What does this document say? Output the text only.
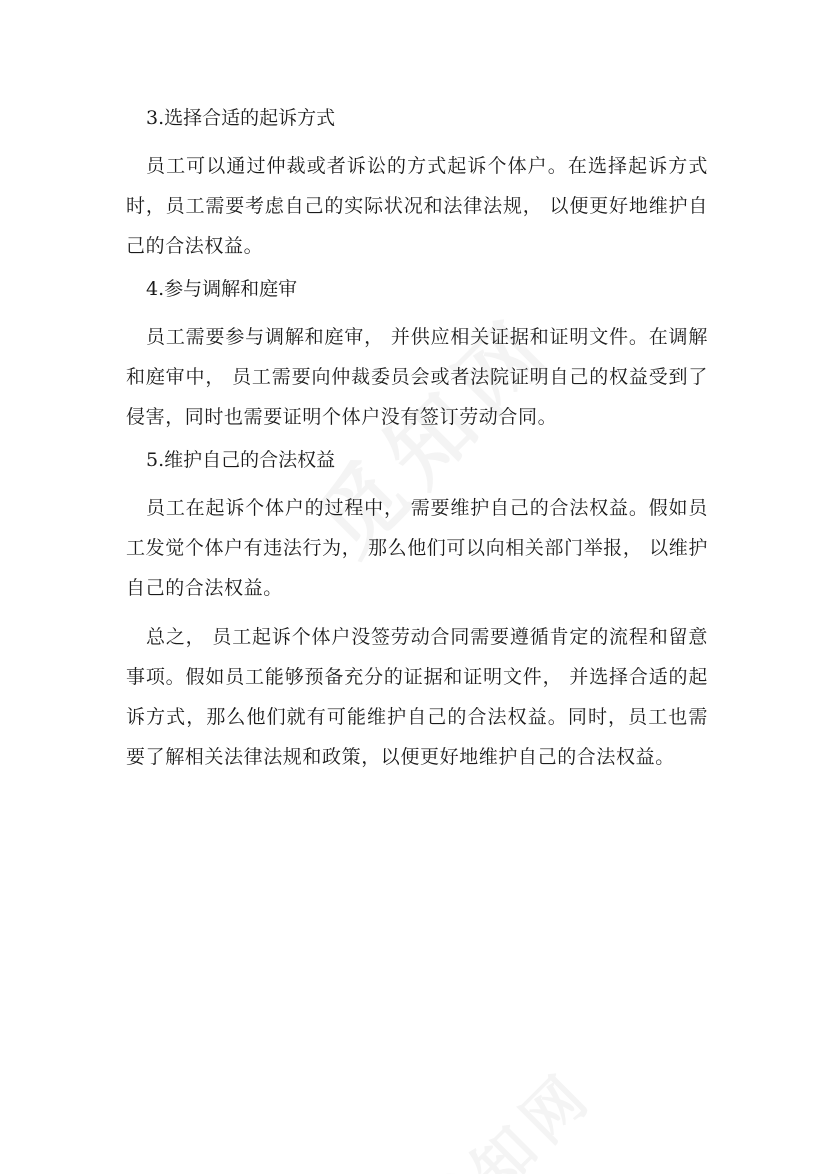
3.选择合适的起诉方式

员工可以通过仲裁或者诉讼的方式起诉个体户。在选择起诉方式时，员工需要考虑自己的实际状况和法律法规， 以便更好地维护自己的合法权益。

4.参与调解和庭审

员工需要参与调解和庭审， 并供应相关证据和证明文件。在调解和庭审中， 员工需要向仲裁委员会或者法院证明自己的权益受到了侵害，同时也需要证明个体户没有签订劳动合同。

5.维护自己的合法权益

员工在起诉个体户的过程中， 需要维护自己的合法权益。假如员工发觉个体户有违法行为， 那么他们可以向相关部门举报， 以维护自己的合法权益。

总之， 员工起诉个体户没签劳动合同需要遵循肯定的流程和留意事项。假如员工能够预备充分的证据和证明文件， 并选择合适的起诉方式，那么他们就有可能维护自己的合法权益。同时，员工也需要了解相关法律法规和政策，以便更好地维护自己的合法权益。
